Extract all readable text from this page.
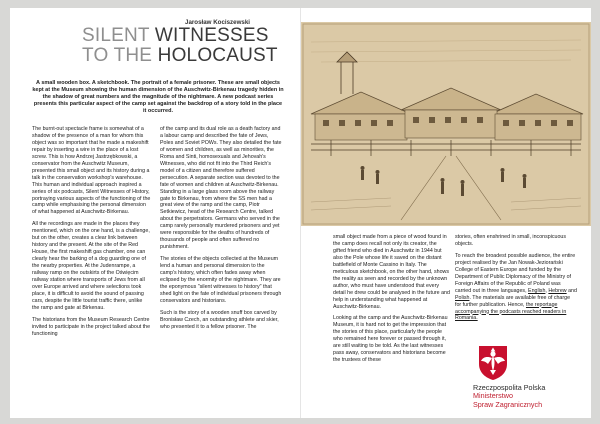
Jarosław Kociszewski
SILENT WITNESSES
TO THE HOLOCAUST
A small wooden box. A sketchbook. The portrait of a female prisoner. These are small objects kept at the Museum showing the human dimension of the Auschwitz-Birkenau tragedy hidden in the shadow of great numbers and the magnitude of the nightmare. A new podcast series presents this particular aspect of the camp set against the backdrop of a story told in the place it occurred.

The burnt-out spectacle frame is somewhat of a shadow of the presence of a man for whom this object was so important that he made a makeshift repair by inserting a wire in the place of a lost screw. This is how Andrzej Jastrzębkowski, a conservator from the Auschwitz Museum, presented this small object and its history during a talk in the conservation workshop's warehouse. This human and individual approach inspired a series of six podcasts, Silent Witnesses of History, portraying various aspects of the functioning of the camp while emphasising the personal dimension of what happened at Auschwitz-Birkenau.

All the recordings are made in the places they mentioned, which on the one hand, is a challenge, but on the other, creates a clear link between history and the present. At the site of the Red House, the first makeshift gas chamber, one can clearly hear the barking of a dog guarding one of the nearby properties. At the Judenrampe, a railway ramp on the outskirts of the Oświęcim railway station where transports of Jews from all over Europe arrived and where selections took place, it is difficult to avoid the sound of passing cars, despite the little tourist traffic there, unlike the ramp and gate at Birkenau.

The historians from the Museum Research Centre invited to participate in the project talked about the functioning

of the camp and its dual role as a death factory and a labour camp and described the fate of Jews, Poles and Soviet POWs. They also detailed the fate of women and children, as well as minorities, the Roma and Sinti, homosexuals and Jehovah's Witnesses, who did not fit into the Third Reich's model of a citizen and therefore suffered persecution. A separate section was devoted to the fate of women and children at Auschwitz-Birkenau. Standing in a large glass room above the railway gate to Birkenau, from where the SS men had a great view of the ramp and the camp, Piotr Setkiewicz, head of the Research Centre, talked about the perpetrators. Germans who served in the camp rarely personally murdered prisoners and yet were responsible for the deaths of hundreds of thousands of people and often suffered no punishment.

The stories of the objects collected at the Museum lend a human and personal dimension to the camp's history, which often fades away when eclipsed by the enormity of the nightmare. They are the eponymous "silent witnesses to history" that shed light on the fate of individual prisoners through conservators and historians.

Such is the story of a wooden snuff box carved by Bronisław Czech, an outstanding athlete and skier, who presented it to a fellow prisoner. The

small object made from a piece of wood found in the camp does recall not only its creator, the gifted friend who died in Auschwitz in 1944 but also the Pole whose life it saved on the distant battlefield of Monte Cassino in Italy. The meticulous sketchbook, on the other hand, shows the reality as seen and recorded by the unknown author, who must have understood that every detail he drew could be analysed in the future and help in understanding what happened at Auschwitz-Birkenau.

Looking at the camp and the Auschwitz-Birkenau Museum, it is hard not to get the impression that the stories of this place, particularly the people who remained here forever or passed through it, are still waiting to be told. As the last witnesses pass away, conservators and historians become the trustees of these

stories, often enshrined in small, inconspicuous objects.

To reach the broadest possible audience, the entire project realised by the Jan Nowak-Jeziorański College of Eastern Europe and funded by the Department of Public Diplomacy of the Ministry of Foreign Affairs of the Republic of Poland was carried out in three languages, English, Hebrew and Polish. The materials are available free of charge for further publication. Hence, the reportage accompanying the podcasts reached readers in Romania.

Rzeczpospolita Polska
Ministerstwo
Spraw Zagranicznych
